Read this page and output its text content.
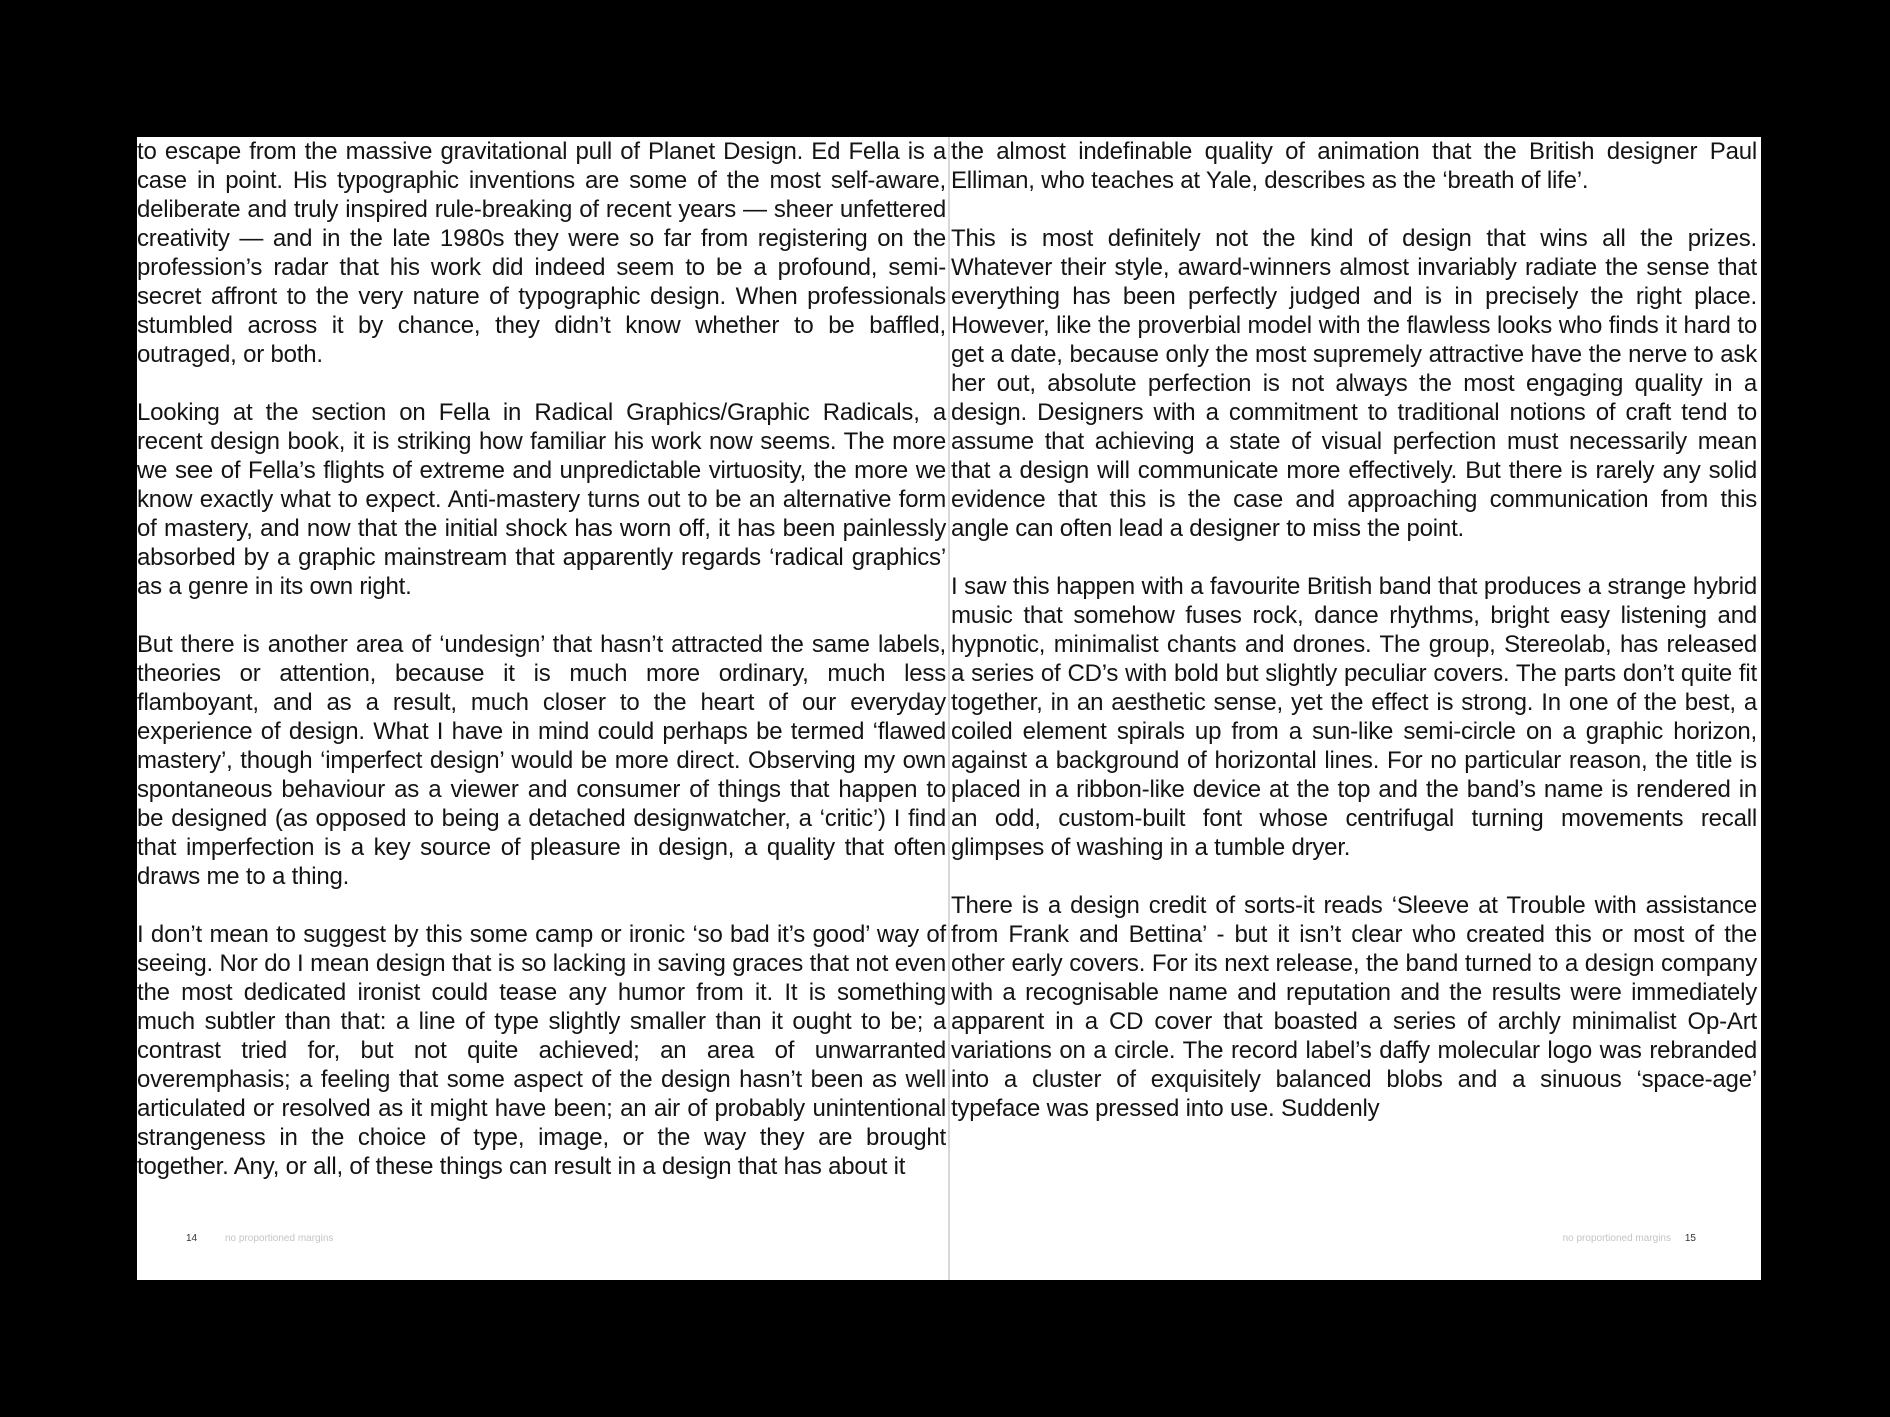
to escape from the massive gravitational pull of Planet Design. Ed Fella is a case in point. His typographic inventions are some of the most self-aware, deliberate and truly inspired rule-breaking of recent years — sheer unfettered creativity — and in the late 1980s they were so far from registering on the profession’s radar that his work did indeed seem to be a profound, semi-secret affront to the very nature of typographic design. When professionals stumbled across it by chance, they didn’t know whether to be baffled, outraged, or both.

Looking at the section on Fella in Radical Graphics/Graphic Radicals, a recent design book, it is striking how familiar his work now seems. The more we see of Fella’s flights of extreme and unpredictable virtuosity, the more we know exactly what to expect. Anti-mastery turns out to be an alternative form of mastery, and now that the initial shock has worn off, it has been painlessly absorbed by a graphic mainstream that apparently regards ‘radical graphics’ as a genre in its own right.

But there is another area of ‘undesign’ that hasn’t attracted the same labels, theories or attention, because it is much more ordinary, much less flamboyant, and as a result, much closer to the heart of our everyday experience of design. What I have in mind could perhaps be termed ‘flawed mastery’, though ‘imperfect design’ would be more direct. Observing my own spontaneous behaviour as a viewer and consumer of things that happen to be designed (as opposed to being a detached designwatcher, a ‘critic’) I find that imperfection is a key source of pleasure in design, a quality that often draws me to a thing.

I don’t mean to suggest by this some camp or ironic ‘so bad it’s good’ way of seeing. Nor do I mean design that is so lacking in saving graces that not even the most dedicated ironist could tease any humor from it. It is something much subtler than that: a line of type slightly smaller than it ought to be; a contrast tried for, but not quite achieved; an area of unwarranted overemphasis; a feeling that some aspect of the design hasn’t been as well articulated or resolved as it might have been; an air of probably unintentional strangeness in the choice of type, image, or the way they are brought together. Any, or all, of these things can result in a design that has about it

14	no proportioned margins

the almost indefinable quality of animation that the British designer Paul Elliman, who teaches at Yale, describes as the ‘breath of life’.

This is most definitely not the kind of design that wins all the prizes. Whatever their style, award-winners almost invariably radiate the sense that everything has been perfectly judged and is in precisely the right place. However, like the proverbial model with the flawless looks who finds it hard to get a date, because only the most supremely attractive have the nerve to ask her out, absolute perfection is not always the most engaging quality in a design. Designers with a commitment to traditional notions of craft tend to assume that achieving a state of visual perfection must necessarily mean that a design will communicate more effectively. But there is rarely any solid evidence that this is the case and approaching communication from this angle can often lead a designer to miss the point.

I saw this happen with a favourite British band that produces a strange hybrid music that somehow fuses rock, dance rhythms, bright easy listening and hypnotic, minimalist chants and drones. The group, Stereolab, has released a series of CD’s with bold but slightly peculiar covers. The parts don’t quite fit together, in an aesthetic sense, yet the effect is strong. In one of the best, a coiled element spirals up from a sun-like semi-circle on a graphic horizon, against a background of horizontal lines. For no particular reason, the title is placed in a ribbon-like device at the top and the band’s name is rendered in an odd, custom-built font whose centrifugal turning movements recall glimpses of washing in a tumble dryer.

There is a design credit of sorts-it reads ‘Sleeve at Trouble with assistance from Frank and Bettina’ - but it isn’t clear who created this or most of the other early covers. For its next release, the band turned to a design company with a recognisable name and reputation and the results were immediately apparent in a CD cover that boasted a series of archly minimalist Op-Art variations on a circle. The record label’s daffy molecular logo was rebranded into a cluster of exquisitely balanced blobs and a sinuous ‘space-age’ typeface was pressed into use. Suddenly

no proportioned margins 15
